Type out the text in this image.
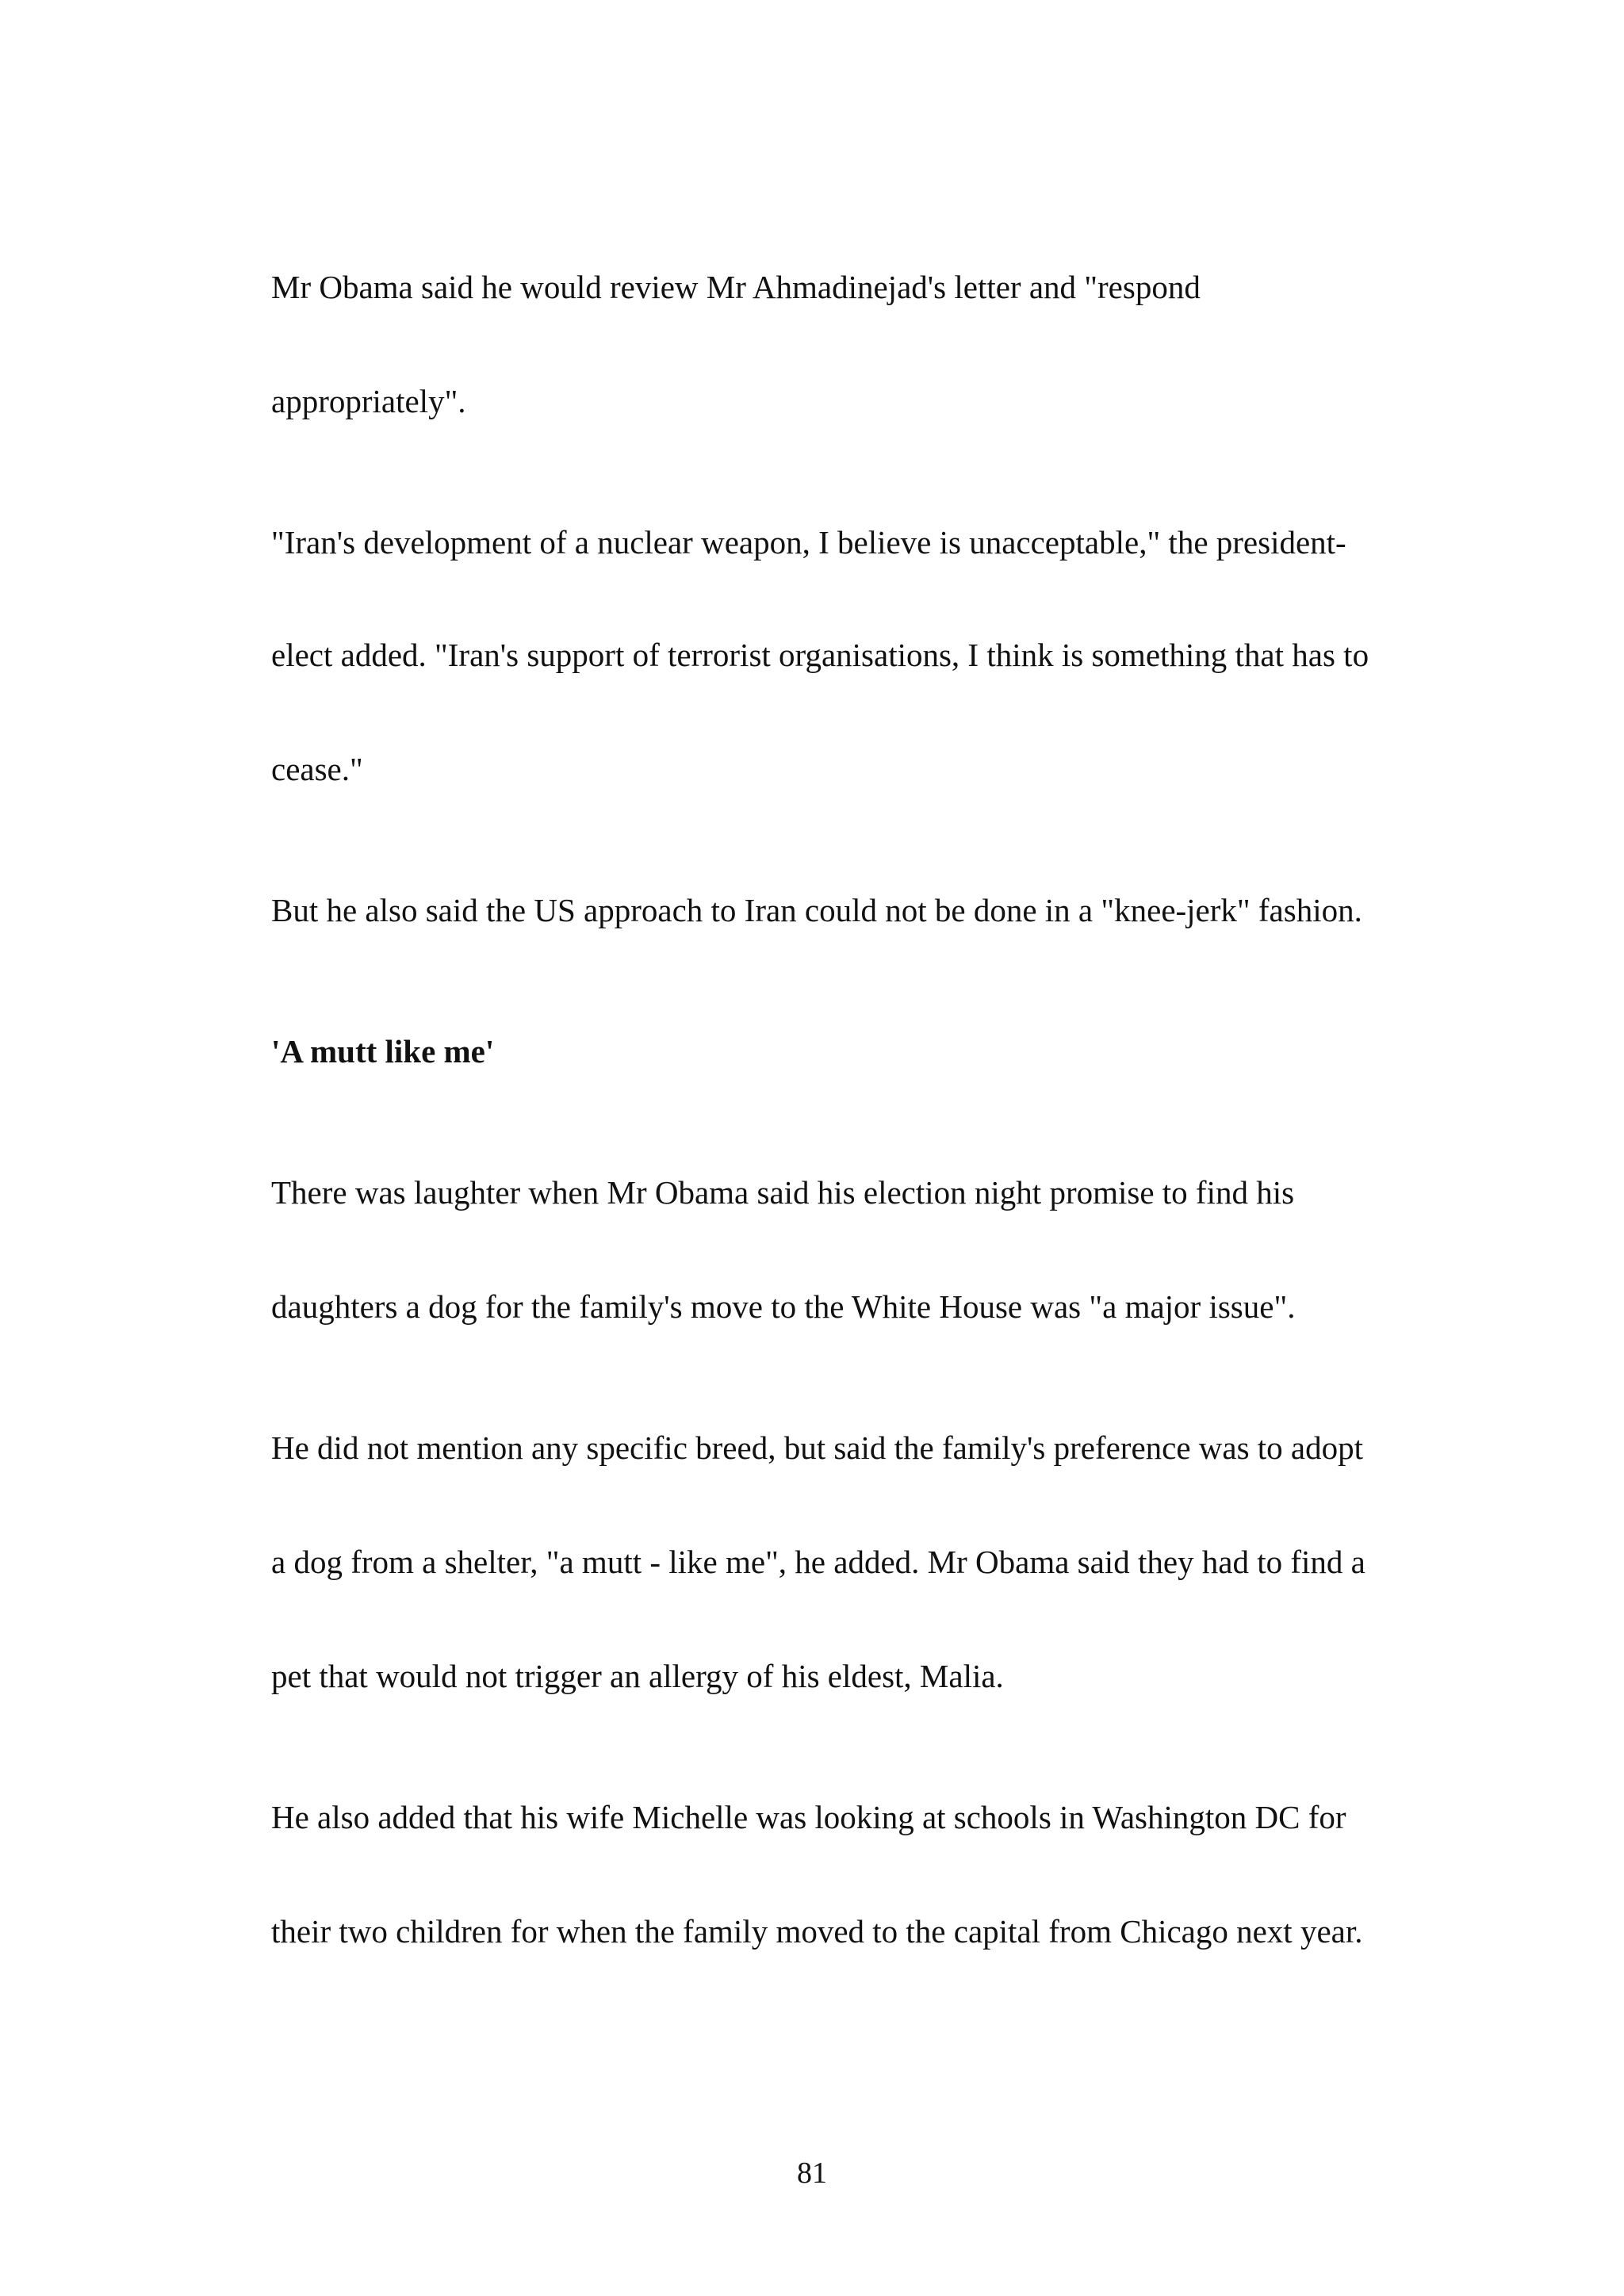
Mr Obama said he would review Mr Ahmadinejad's letter and "respond
appropriately".
"Iran's development of a nuclear weapon, I believe is unacceptable," the president-
elect added. "Iran's support of terrorist organisations, I think is something that has to
cease."
But he also said the US approach to Iran could not be done in a "knee-jerk" fashion.
'A mutt like me'
There was laughter when Mr Obama said his election night promise to find his
daughters a dog for the family's move to the White House was "a major issue".
He did not mention any specific breed, but said the family's preference was to adopt
a dog from a shelter, "a mutt - like me", he added. Mr Obama said they had to find a
pet that would not trigger an allergy of his eldest, Malia.
He also added that his wife Michelle was looking at schools in Washington DC for
their two children for when the family moved to the capital from Chicago next year.
81
